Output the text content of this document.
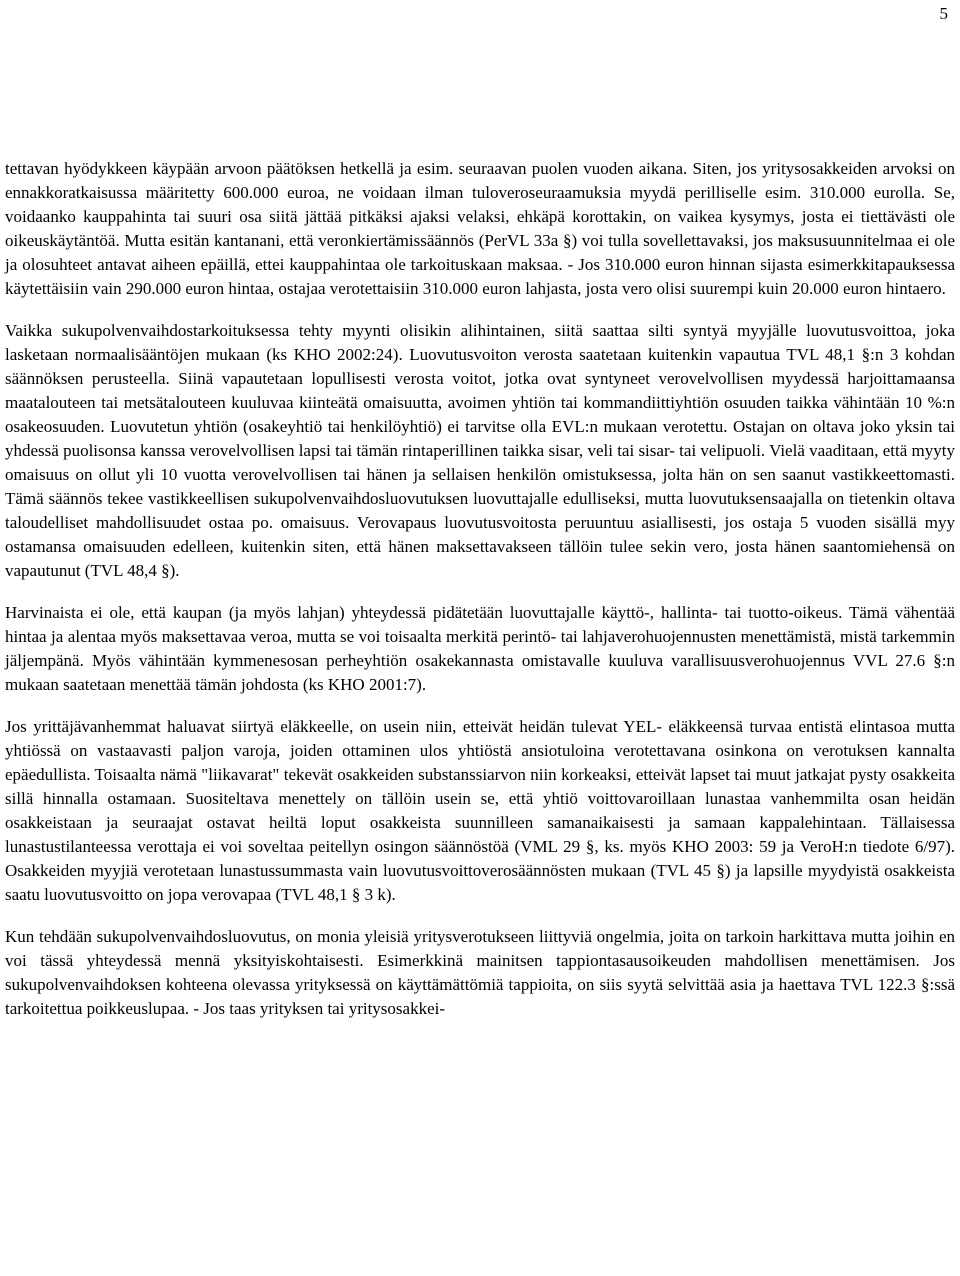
5

tettavan hyödykkeen käypään arvoon päätöksen hetkellä ja esim. seuraavan puolen vuoden aikana. Siten, jos yritysosakkeiden arvoksi on ennakkoratkaisussa määritetty 600.000 euroa, ne voidaan ilman tuloveroseuraamuksia myydä perilliselle esim. 310.000 eurolla. Se, voidaanko kauppahinta tai suuri osa siitä jättää pitkäksi ajaksi velaksi, ehkäpä korottakin, on vaikea kysymys, josta ei tiettävästi ole oikeuskäytäntöä. Mutta esitän kantanani, että veronkiertämissäännös (PerVL 33a §) voi tulla sovellettavaksi, jos maksusuunnitelmaa ei ole ja olosuhteet antavat aiheen epäillä, ettei kauppahintaa ole tarkoituskaan maksaa. - Jos 310.000 euron hinnan sijasta esimerkkitapauksessa käytettäisiin vain 290.000 euron hintaa, ostajaa verotettaisiin 310.000 euron lahjasta, josta vero olisi suurempi kuin 20.000 euron hintaero.

Vaikka sukupolvenvaihdostarkoituksessa tehty myynti olisikin alihintainen, siitä saattaa silti syntyä myyjälle luovutusvoittoa, joka lasketaan normaalisääntöjen mukaan (ks KHO 2002:24). Luovutusvoiton verosta saatetaan kuitenkin vapautua TVL 48,1 §:n 3 kohdan säännöksen perusteella. Siinä vapautetaan lopullisesti verosta voitot, jotka ovat syntyneet verovelvollisen myydessä harjoittamaansa maatalouteen tai metsätalouteen kuuluvaa kiinteätä omaisuutta, avoimen yhtiön tai kommandiittiyhtiön osuuden taikka vähintään 10 %:n osakeosuuden. Luovutetun yhtiön (osakeyhtiö tai henkilöyhtiö) ei tarvitse olla EVL:n mukaan verotettu. Ostajan on oltava joko yksin tai yhdessä puolisonsa kanssa verovelvollisen lapsi tai tämän rintaperillinen taikka sisar, veli tai sisar- tai velipuoli. Vielä vaaditaan, että myyty omaisuus on ollut yli 10 vuotta verovelvollisen tai hänen ja sellaisen henkilön omistuksessa, jolta hän on sen saanut vastikkeettomasti. Tämä säännös tekee vastikkeellisen sukupolvenvaihdosluovutuksen luovuttajalle edulliseksi, mutta luovutuksensaajalla on tietenkin oltava taloudelliset mahdollisuudet ostaa po. omaisuus. Verovapaus luovutusvoitosta peruuntuu asiallisesti, jos ostaja 5 vuoden sisällä myy ostamansa omaisuuden edelleen, kuitenkin siten, että hänen maksettavakseen tällöin tulee sekin vero, josta hänen saantomiehensä on vapautunut (TVL 48,4 §).

Harvinaista ei ole, että kaupan (ja myös lahjan) yhteydessä pidätetään luovuttajalle käyttö-, hallinta- tai tuotto-oikeus. Tämä vähentää hintaa ja alentaa myös maksettavaa veroa, mutta se voi toisaalta merkitä perintö- tai lahjaverohuojennusten menettämistä, mistä tarkemmin jäljempänä. Myös vähintään kymmenesosan perheyhtiön osakekannasta omistavalle kuuluva varallisuusverohuojennus VVL 27.6 §:n mukaan saatetaan menettää tämän johdosta (ks KHO 2001:7).

Jos yrittäjävanhemmat haluavat siirtyä eläkkeelle, on usein niin, etteivät heidän tulevat YEL- eläkkeensä turvaa entistä elintasoa mutta yhtiössä on vastaavasti paljon varoja, joiden ottaminen ulos yhtiöstä ansiotuloina verotettavana osinkona on verotuksen kannalta epäedullista. Toisaalta nämä "liikavarat" tekevät osakkeiden substanssiarvon niin korkeaksi, etteivät lapset tai muut jatkajat pysty osakkeita sillä hinnalla ostamaan. Suositeltava menettely on tällöin usein se, että yhtiö voittovaroillaan lunastaa vanhemmilta osan heidän osakkeistaan ja seuraajat ostavat heiltä loput osakkeista suunnilleen samanaikaisesti ja samaan kappalehintaan. Tällaisessa lunastustilanteessa verottaja ei voi soveltaa peitellyn osingon säännöstöä (VML 29 §, ks. myös KHO 2003: 59 ja VeroH:n tiedote 6/97). Osakkeiden myyjiä verotetaan lunastussummasta vain luovutusvoittoverosäännösten mukaan (TVL 45 §) ja lapsille myydyistä osakkeista saatu luovutusvoitto on jopa verovapaa (TVL 48,1 § 3 k).

Kun tehdään sukupolvenvaihdosluovutus, on monia yleisiä yritysverotukseen liittyviä ongelmia, joita on tarkoin harkittava mutta joihin en voi tässä yhteydessä mennä yksityiskohtaisesti. Esimerkkinä mainitsen tappiontasausoikeuden mahdollisen menettämisen. Jos sukupolvenvaihdoksen kohteena olevassa yrityksessä on käyttämättömiä tappioita, on siis syytä selvittää asia ja haettava TVL 122.3 §:ssä tarkoitettua poikkeuslupaa. - Jos taas yrityksen tai yritysosakkei-
